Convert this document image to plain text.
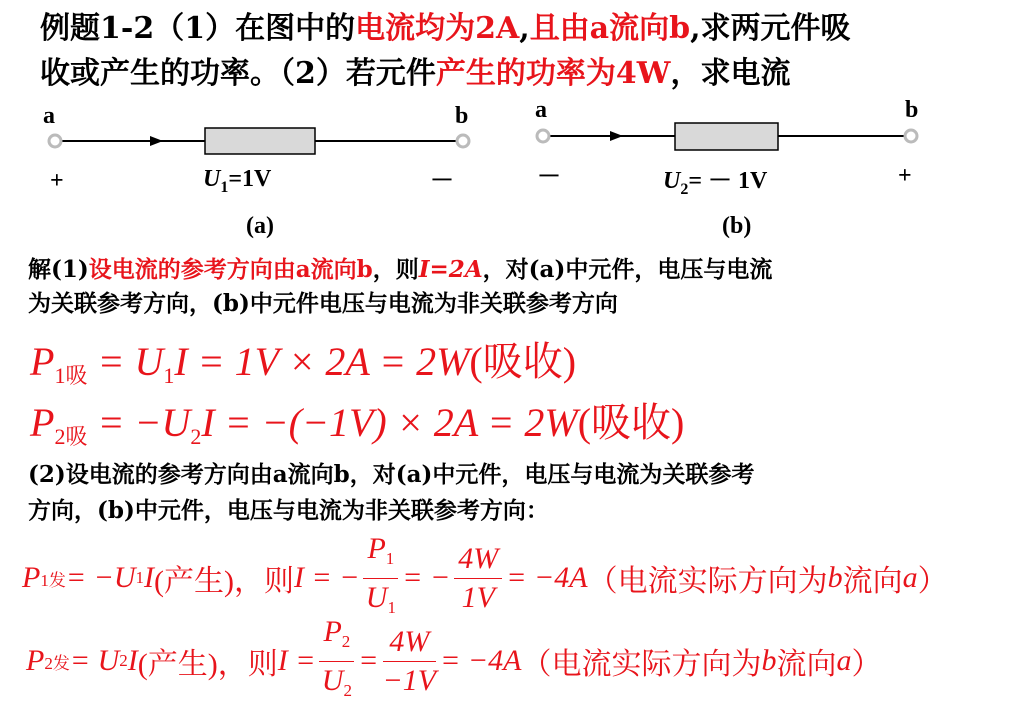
例题1-2（1）在图中的电流均为2A,且由a流向b,求两元件吸
收或产生的功率。（2）若元件产生的功率为4W，求电流
a	b
+	－
$U_1=1V$
(a)
a	b
－	+
$U_2= - 1V$
(b)
解(1)设电流的参考方向由a流向b，则I=2A，对(a)中元件，电压与电流
为关联参考方向，(b)中元件电压与电流为非关联参考方向
$P_{1吸} = U_1I = 1V \times 2A = 2W$(吸收)
$P_{2吸} = -U_2I = -(-1V) \times 2A = 2W$(吸收)
(2)设电流的参考方向由a流向b，对(a)中元件，电压与电流为关联参考
方向，(b)中元件，电压与电流为非关联参考方向：
P 1发 = −U 1 I (产生)，则 I = − $\frac{P_1}{U_1}$ = − $\frac{4W}{1V} = -4A$ （电流实际方向为 b 流向 a ）
P 2发 = U 2 I (产生)，则 $I = \frac{P_2}{U_2} = \frac{4W}{-1V} = -4A$ （电流实际方向为 b 流向 a ）
